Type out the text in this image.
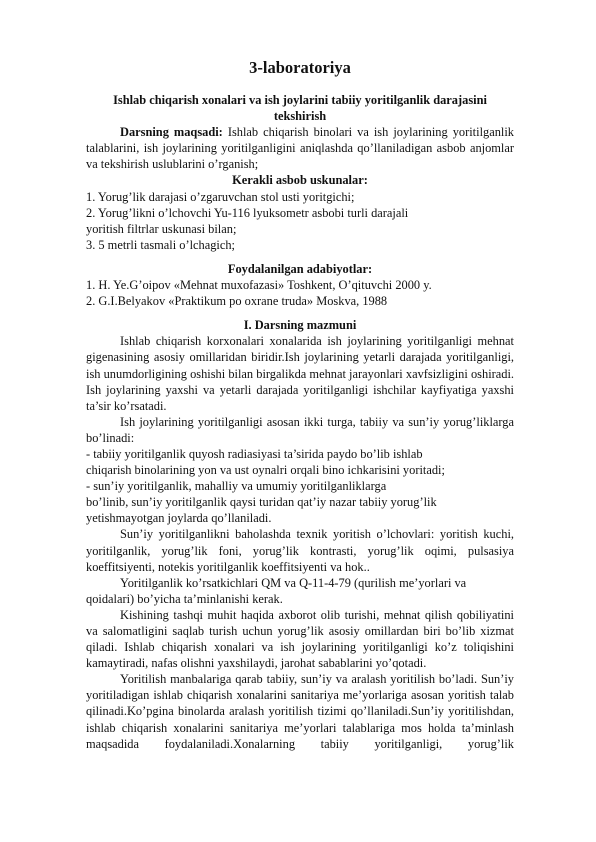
3-laboratoriya

Ishlab chiqarish xonalari va ish joylarini tabiiy yoritilganlik darajasini tekshirish

Darsning maqsadi: Ishlab chiqarish binolari va ish joylarining yoritilganlik talablarini, ish joylarining yoritilganligini aniqlashda qo’llaniladigan asbob anjomlar va tekshirish uslublarini o’rganish;

Kerakli asbob uskunalar:

1. Yorug’lik darajasi o’zgaruvchan stol usti yoritgichi;

2. Yorug’likni o’lchovchi Yu-116 lyuksometr asbobi turli darajali

yoritish filtrlar uskunasi bilan;

3. 5 metrli tasmali o’lchagich;

Foydalanilgan adabiyotlar:

1. H. Ye.G’oipov «Mehnat muxofazasi» Toshkent, O’qituvchi 2000 y.

2. G.I.Belyakov «Praktikum po oxrane truda» Moskva, 1988

I. Darsning mazmuni

Ishlab chiqarish korxonalari xonalarida ish joylarining yoritilganligi mehnat gigenasining asosiy omillaridan biridir.Ish joylarining yetarli darajada yoritilganligi, ish unumdorligining oshishi bilan birgalikda mehnat jarayonlari xavfsizligini oshiradi. Ish joylarining yaxshi va yetarli darajada yoritilganligi ishchilar kayfiyatiga yaxshi ta’sir ko’rsatadi.

Ish joylarining yoritilganligi asosan ikki turga, tabiiy va sun’iy yorug’liklarga bo’linadi:

- tabiiy yoritilganlik quyosh radiasiyasi ta’sirida paydo bo’lib ishlab

chiqarish binolarining yon va ust oynalri orqali bino ichkarisini yoritadi;

- sun’iy yoritilganlik, mahalliy va umumiy yoritilganliklarga

bo’linib, sun’iy yoritilganlik qaysi turidan qat’iy nazar tabiiy yorug’lik

yetishmayotgan joylarda qo’llaniladi.

Sun’iy yoritilganlikni baholashda texnik yoritish o’lchovlari: yoritish kuchi, yoritilganlik, yorug’lik foni, yorug’lik kontrasti, yorug’lik oqimi, pulsasiya koeffitsiyenti, notekis yoritilganlik koeffitsiyenti va hok..

Yoritilganlik ko’rsatkichlari QM va Q-11-4-79 (qurilish me’yorlari va

qoidalari) bo’yicha ta’minlanishi kerak.

Kishining tashqi muhit haqida axborot olib turishi, mehnat qilish qobiliyatini va salomatligini saqlab turish uchun yorug’lik asosiy omillardan biri bo’lib xizmat qiladi. Ishlab chiqarish xonalari va ish joylarining yoritilganligi ko’z toliqishini kamaytiradi, nafas olishni yaxshilaydi, jarohat sabablarini yo’qotadi.

Yoritilish manbalariga qarab tabiiy, sun’iy va aralash yoritilish bo’ladi. Sun’iy yoritiladigan ishlab chiqarish xonalarini sanitariya me’yorlariga asosan yoritish talab qilinadi.Ko’pgina binolarda aralash yoritilish tizimi qo’llaniladi.Sun’iy yoritilishdan, ishlab chiqarish xonalarini sanitariya me’yorlari talablariga mos holda ta’minlash maqsadida foydalaniladi.Xonalarning tabiiy yoritilganligi, yorug’lik
